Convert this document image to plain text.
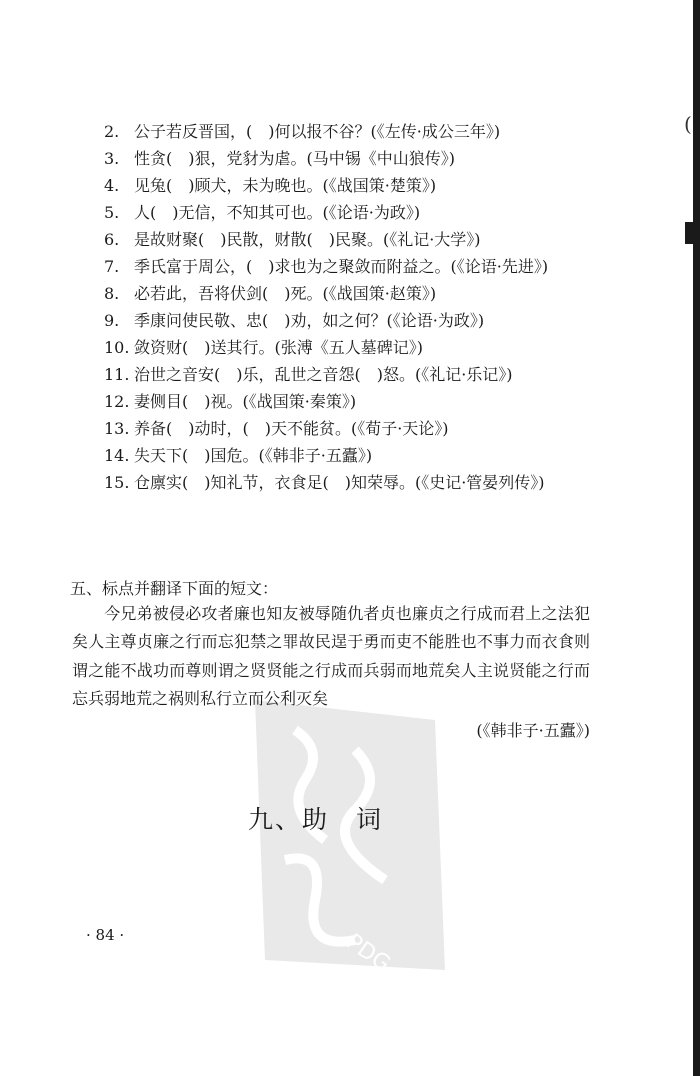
(
PDG
2. 公子若反晋国，(　)何以报不谷？(《左传·成公三年》)
3. 性贪(　)狠，党豺为虐。(马中锡《中山狼传》)
4. 见兔(　)顾犬，未为晚也。(《战国策·楚策》)
5. 人(　)无信，不知其可也。(《论语·为政》)
6. 是故财聚(　)民散，财散(　)民聚。(《礼记·大学》)
7. 季氏富于周公，(　)求也为之聚敛而附益之。(《论语·先进》)
8. 必若此，吾将伏剑(　)死。(《战国策·赵策》)
9. 季康问使民敬、忠(　)劝，如之何？(《论语·为政》)
10. 敛资财(　)送其行。(张溥《五人墓碑记》)
11. 治世之音安(　)乐，乱世之音怨(　)怒。(《礼记·乐记》)
12. 妻侧目(　)视。(《战国策·秦策》)
13. 养备(　)动时，(　)天不能贫。(《荀子·天论》)
14. 失天下(　)国危。(《韩非子·五蠹》)
15. 仓廪实(　)知礼节，衣食足(　)知荣辱。(《史记·管晏列传》)
五、标点并翻译下面的短文：
今兄弟被侵必攻者廉也知友被辱随仇者贞也廉贞之行成而君上之法犯矣人主尊贞廉之行而忘犯禁之罪故民逞于勇而吏不能胜也不事力而衣食则谓之能不战功而尊则谓之贤贤能之行成而兵弱而地荒矣人主说贤能之行而忘兵弱地荒之祸则私行立而公利灭矣
(《韩非子·五蠹》)
九、助　词
· 84 ·
